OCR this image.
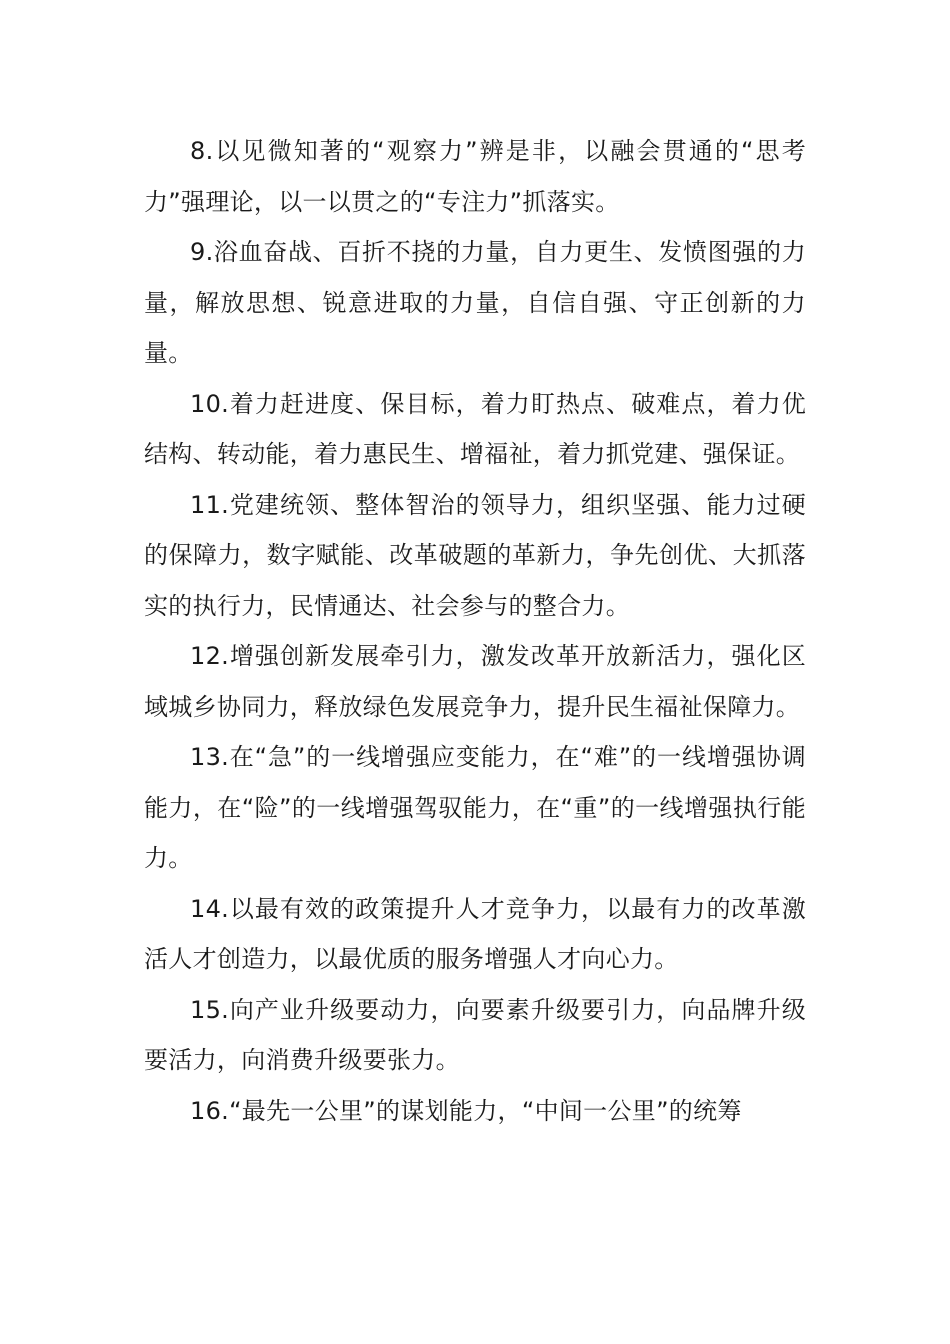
8.以见微知著的“观察力”辨是非，以融会贯通的“思考力”强理论，以一以贯之的“专注力”抓落实。

9.浴血奋战、百折不挠的力量，自力更生、发愤图强的力量，解放思想、锐意进取的力量，自信自强、守正创新的力量。

10.着力赶进度、保目标，着力盯热点、破难点，着力优结构、转动能，着力惠民生、增福祉，着力抓党建、强保证。

11.党建统领、整体智治的领导力，组织坚强、能力过硬的保障力，数字赋能、改革破题的革新力，争先创优、大抓落实的执行力，民情通达、社会参与的整合力。

12.增强创新发展牵引力，激发改革开放新活力，强化区域城乡协同力，释放绿色发展竞争力，提升民生福祉保障力。

13.在“急”的一线增强应变能力，在“难”的一线增强协调能力，在“险”的一线增强驾驭能力，在“重”的一线增强执行能力。

14.以最有效的政策提升人才竞争力，以最有力的改革激活人才创造力，以最优质的服务增强人才向心力。

15.向产业升级要动力，向要素升级要引力，向品牌升级要活力，向消费升级要张力。

16.“最先一公里”的谋划能力，“中间一公里”的统筹
